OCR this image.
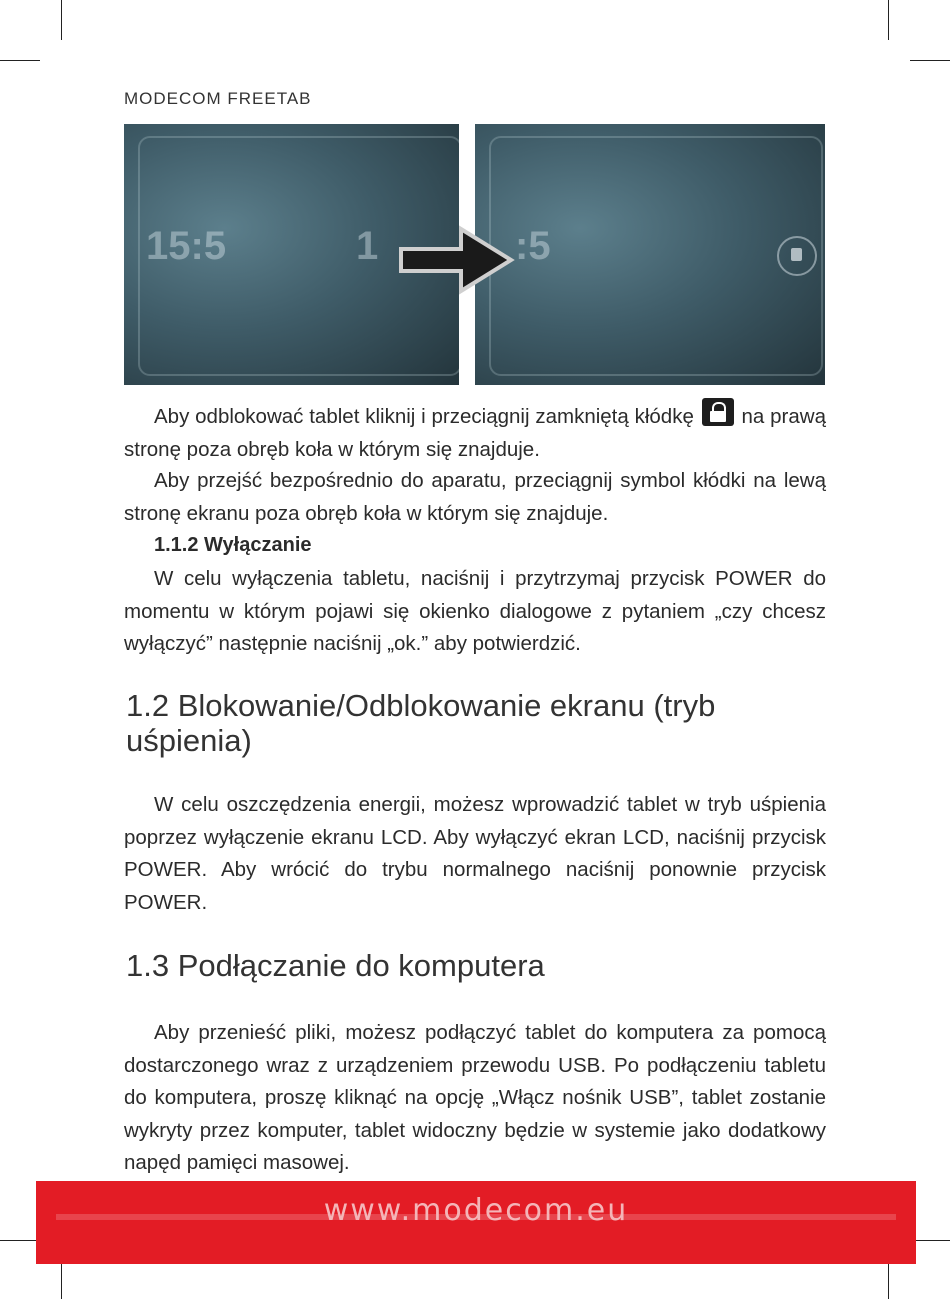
MODECOM FREETAB
15:5	1	:5

Aby odblokować tablet kliknij i przeciągnij zamkniętą kłódkę na prawą stronę poza obręb koła w którym się znajduje.

Aby przejść bezpośrednio do aparatu, przeciągnij symbol kłódki na lewą stronę ekranu poza obręb koła w którym się znajduje.

1.1.2 Wyłączanie

W celu wyłączenia tabletu, naciśnij i przytrzymaj przycisk POWER do momentu w którym pojawi się okienko dialogowe z pytaniem „czy chcesz wyłączyć” następnie naciśnij „ok.” aby potwierdzić.

1.2 Blokowanie/Odblokowanie ekranu (tryb uśpienia)

W celu oszczędzenia energii, możesz wprowadzić tablet w tryb uśpienia poprzez wyłączenie ekranu LCD. Aby wyłączyć ekran LCD, naciśnij przycisk POWER. Aby wrócić do trybu normalnego naciśnij ponownie przycisk POWER.

1.3 Podłączanie do komputera

Aby przenieść pliki, możesz podłączyć tablet do komputera za pomocą dostarczonego wraz z urządzeniem przewodu USB. Po podłączeniu tabletu do komputera, proszę kliknąć na opcję „Włącz nośnik USB”, tablet zostanie wykryty przez komputer, tablet widoczny będzie w systemie jako dodatkowy napęd pamięci masowej.

www.modecom.eu
